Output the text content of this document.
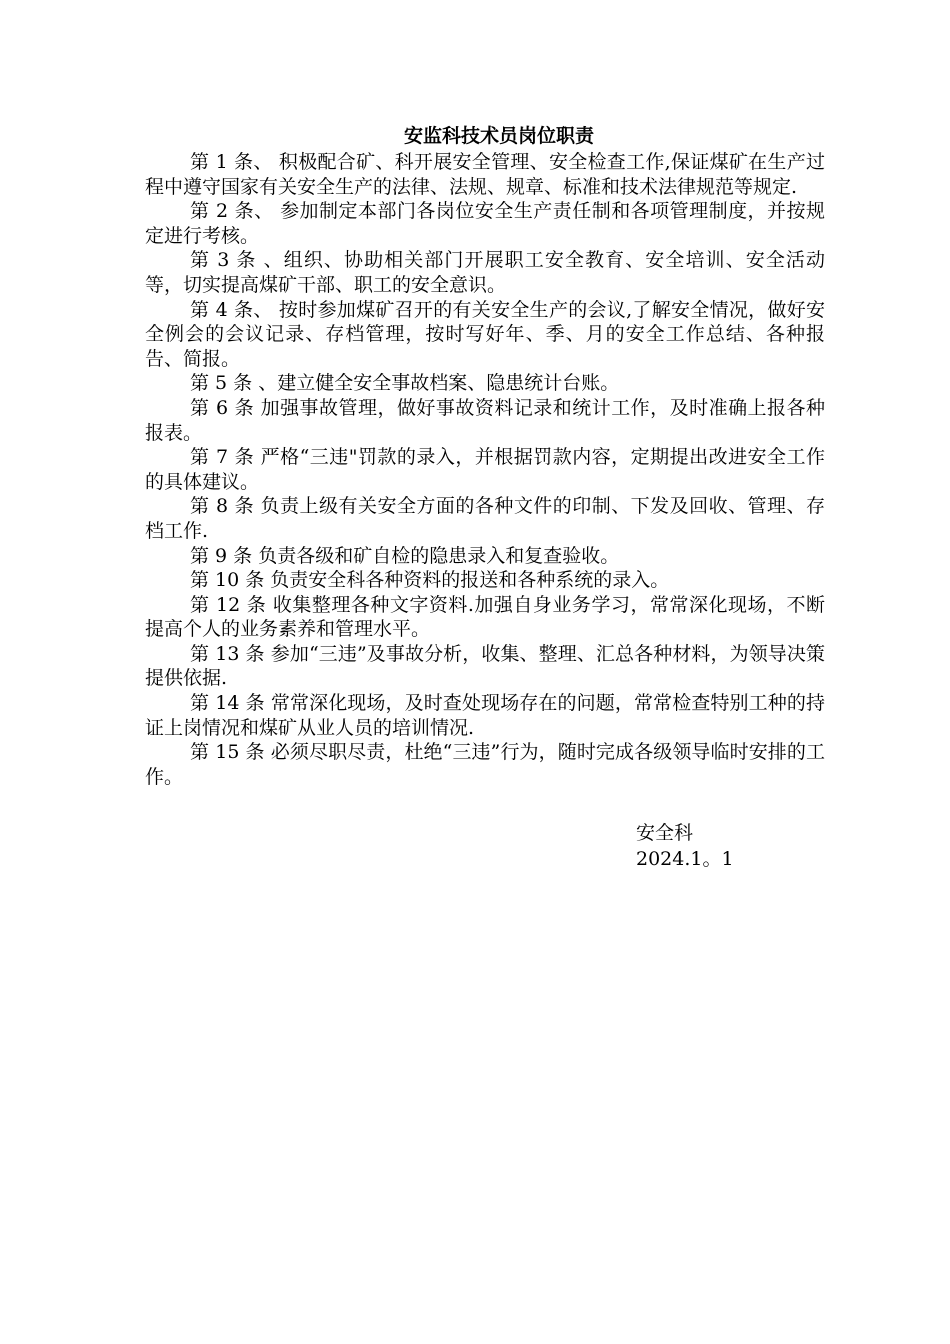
安监科技术员岗位职责

第 1 条、 积极配合矿、科开展安全管理、安全检查工作,保证煤矿在生产过程中遵守国家有关安全生产的法律、法规、规章、标准和技术法律规范等规定.

第 2 条、 参加制定本部门各岗位安全生产责任制和各项管理制度，并按规定进行考核。

第 3 条 、组织、协助相关部门开展职工安全教育、安全培训、安全活动等，切实提高煤矿干部、职工的安全意识。

第 4 条、 按时参加煤矿召开的有关安全生产的会议,了解安全情况，做好安全例会的会议记录、存档管理，按时写好年、季、月的安全工作总结、各种报告、简报。

第 5 条 、建立健全安全事故档案、隐患统计台账。

第 6 条 加强事故管理，做好事故资料记录和统计工作，及时准确上报各种报表。

第 7 条 严格“三违"罚款的录入，并根据罚款内容，定期提出改进安全工作的具体建议。

第 8 条 负责上级有关安全方面的各种文件的印制、下发及回收、管理、存档工作.

第 9 条 负责各级和矿自检的隐患录入和复查验收。

第 10 条 负责安全科各种资料的报送和各种系统的录入。

第 12 条 收集整理各种文字资料.加强自身业务学习，常常深化现场，不断提高个人的业务素养和管理水平。

第 13 条 参加“三违”及事故分析，收集、整理、汇总各种材料，为领导决策提供依据.

第 14 条 常常深化现场，及时查处现场存在的问题，常常检查特别工种的持证上岗情况和煤矿从业人员的培训情况.

第 15 条 必须尽职尽责，杜绝“三违”行为，随时完成各级领导临时安排的工作。

安全科
2024.1。1
